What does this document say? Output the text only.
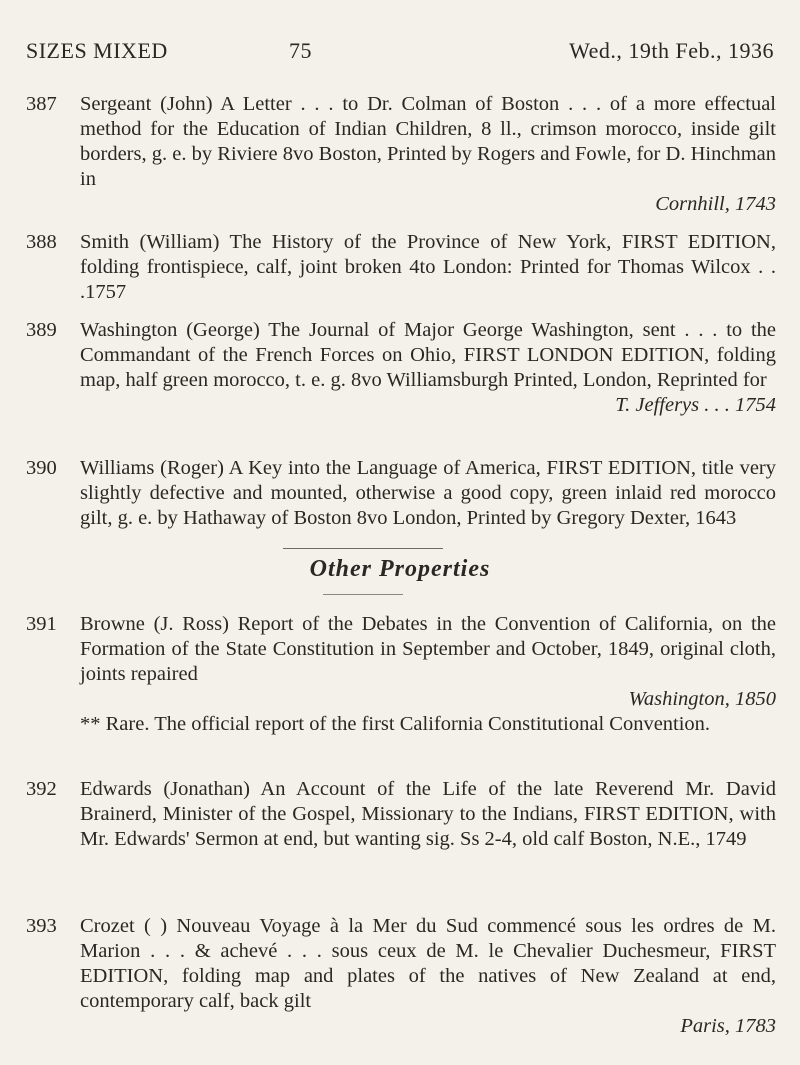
SIZES MIXED	75	Wed., 19th Feb., 1936
387	Sergeant (John) A Letter . . . to Dr. Colman of Boston . . . of a more effectual method for the Education of Indian Children, 8 ll., crimson morocco, inside gilt borders, g. e. by Riviere 8vo Boston, Printed by Rogers and Fowle, for D. Hinchman in

Cornhill, 1743

388	Smith (William) The History of the Province of New York, FIRST EDITION, folding frontispiece, calf, joint broken 4to London: Printed for Thomas Wilcox . . .1757

389	Washington (George) The Journal of Major George Washington, sent . . . to the Commandant of the French Forces on Ohio, FIRST LONDON EDITION, folding map, half green morocco, t. e. g. 8vo Williamsburgh Printed, London, Reprinted for

T. Jefferys . . . 1754

390	Williams (Roger) A Key into the Language of America, FIRST EDITION, title very slightly defective and mounted, otherwise a good copy, green inlaid red morocco gilt, g. e. by Hathaway of Boston 8vo London, Printed by Gregory Dexter, 1643

Other Properties
391	Browne (J. Ross) Report of the Debates in the Convention of California, on the Formation of the State Constitution in September and October, 1849, original cloth, joints repaired

Washington, 1850

** Rare. The official report of the first California Constitutional Convention.

392	Edwards (Jonathan) An Account of the Life of the late Reverend Mr. David Brainerd, Minister of the Gospel, Missionary to the Indians, FIRST EDITION, with Mr. Edwards' Sermon at end, but wanting sig. Ss 2-4, old calf Boston, N.E., 1749

393	Crozet ( ) Nouveau Voyage à la Mer du Sud commencé sous les ordres de M. Marion . . . & achevé . . . sous ceux de M. le Chevalier Duchesmeur, FIRST EDITION, folding map and plates of the natives of New Zealand at end, contemporary calf, back gilt

Paris, 1783
